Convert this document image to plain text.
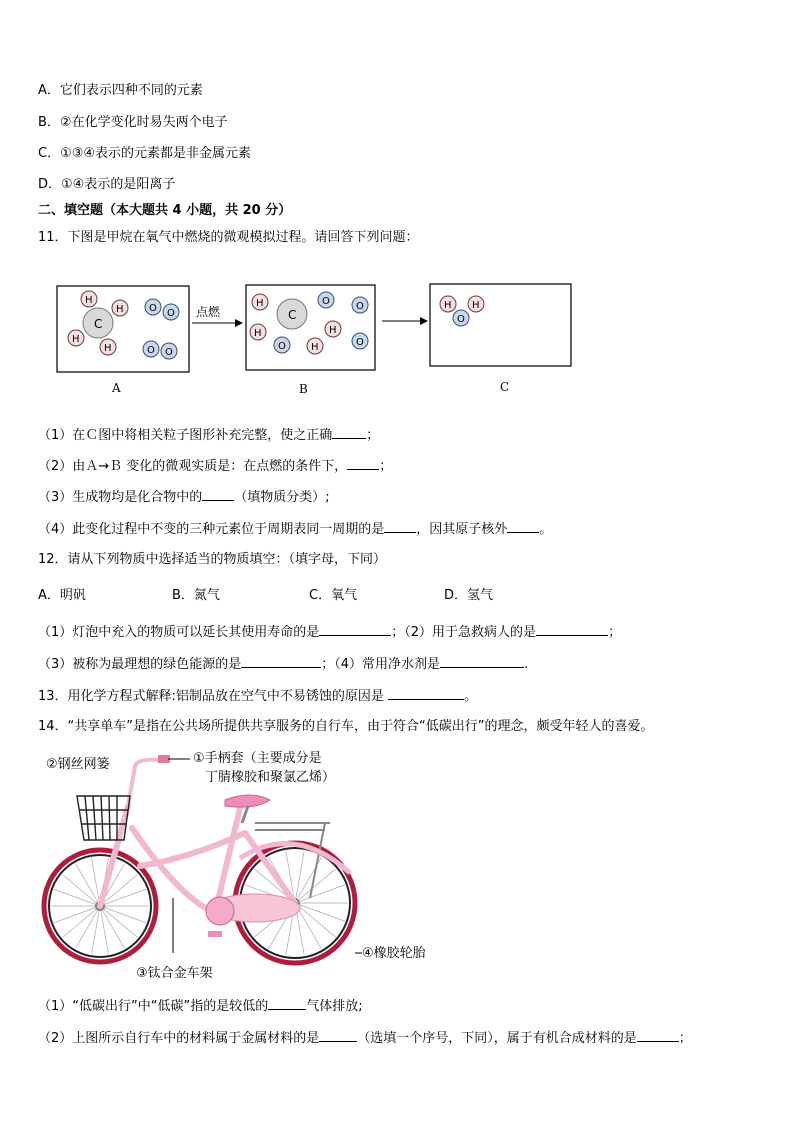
A．它们表示四种不同的元素
B．②在化学变化时易失两个电子
C．①③④表示的元素都是非金属元素
D．①④表示的是阳离子
二、填空题（本大题共 4 小题，共 20 分）
11．下图是甲烷在氧气中燃烧的微观模拟过程。请回答下列问题：
点燃
C
H
H
H
H
O O
O O
C
H
H
H
H
O	O
O	O
H H
O
A	B	C
（1）在Ｃ图中将相关粒子图形补充完整，使之正确	；
（2）由Ａ→Ｂ 变化的微观实质是：在点燃的条件下， ；
（3）生成物均是化合物中的 （填物质分类）;
（4）此变化过程中不变的三种元素位于周期表同一周期的是 ，因其原子核外 。
12．请从下列物质中选择适当的物质填空：（填字母，下同）
A．明矾	B．氮气	C．氧气	D．氢气
（1）灯泡中充入的物质可以延长其使用寿命的是	；（2）用于急救病人的是	；
（3）被称为最理想的绿色能源的是	；（4）常用净水剂是	.
13．用化学方程式解释:铝制品放在空气中不易锈蚀的原因是	。
14．“共享单车”是指在公共场所提供共享服务的自行车，由于符合“低碳出行”的理念，颇受年轻人的喜爱。
②钢丝网篓	①手柄套（主要成分是
丁腈橡胶和聚氯乙烯）
③钛合金车架
④橡胶轮胎
（1）“低碳出行”中“低碳”指的是较低的	气体排放;
（2）上图所示自行车中的材料属于金属材料的是	（选填一个序号，下同），属于有机合成材料的是	；
